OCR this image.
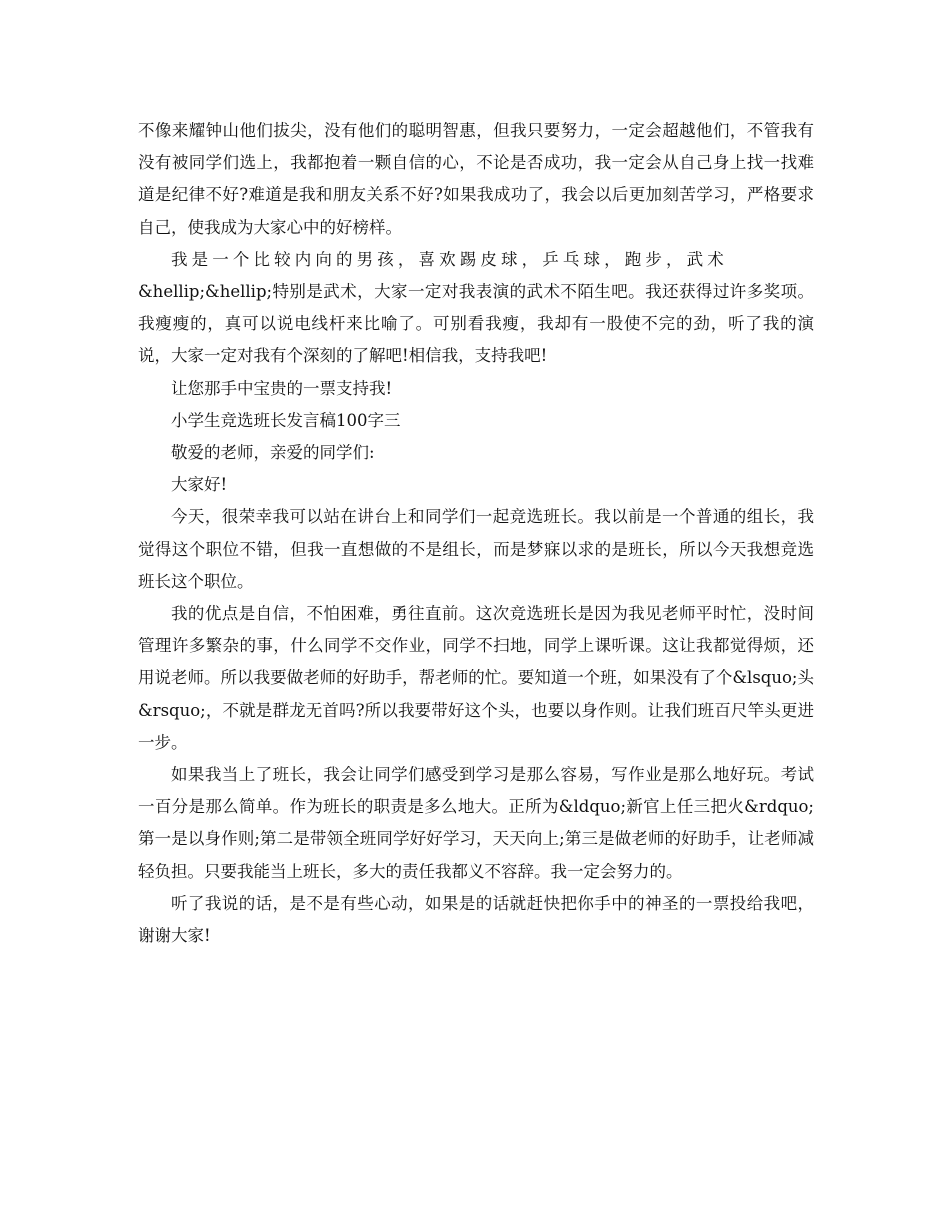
不像来耀钟山他们拔尖，没有他们的聪明智惠，但我只要努力，一定会超越他们，不管我有没有被同学们选上，我都抱着一颗自信的心，不论是否成功，我一定会从自己身上找一找难道是纪律不好?难道是我和朋友关系不好?如果我成功了，我会以后更加刻苦学习，严格要求自己，使我成为大家心中的好榜样。

我是一个比较内向的男孩，喜欢踢皮球，乒乓球，跑步，武术

&hellip;&hellip;特别是武术，大家一定对我表演的武术不陌生吧。我还获得过许多奖项。我瘦瘦的，真可以说电线杆来比喻了。可别看我瘦，我却有一股使不完的劲，听了我的演说，大家一定对我有个深刻的了解吧!相信我，支持我吧!

让您那手中宝贵的一票支持我!

小学生竞选班长发言稿100字三

敬爱的老师，亲爱的同学们:

大家好!

今天，很荣幸我可以站在讲台上和同学们一起竞选班长。我以前是一个普通的组长，我觉得这个职位不错，但我一直想做的不是组长，而是梦寐以求的是班长，所以今天我想竞选班长这个职位。

我的优点是自信，不怕困难，勇往直前。这次竞选班长是因为我见老师平时忙，没时间管理许多繁杂的事，什么同学不交作业，同学不扫地，同学上课听课。这让我都觉得烦，还用说老师。所以我要做老师的好助手，帮老师的忙。要知道一个班，如果没有了个&lsquo;头&rsquo;，不就是群龙无首吗?所以我要带好这个头，也要以身作则。让我们班百尺竿头更进一步。

如果我当上了班长，我会让同学们感受到学习是那么容易，写作业是那么地好玩。考试一百分是那么简单。作为班长的职责是多么地大。正所为&ldquo;新官上任三把火&rdquo;第一是以身作则;第二是带领全班同学好好学习，天天向上;第三是做老师的好助手，让老师减轻负担。只要我能当上班长，多大的责任我都义不容辞。我一定会努力的。

听了我说的话，是不是有些心动，如果是的话就赶快把你手中的神圣的一票投给我吧，谢谢大家!
